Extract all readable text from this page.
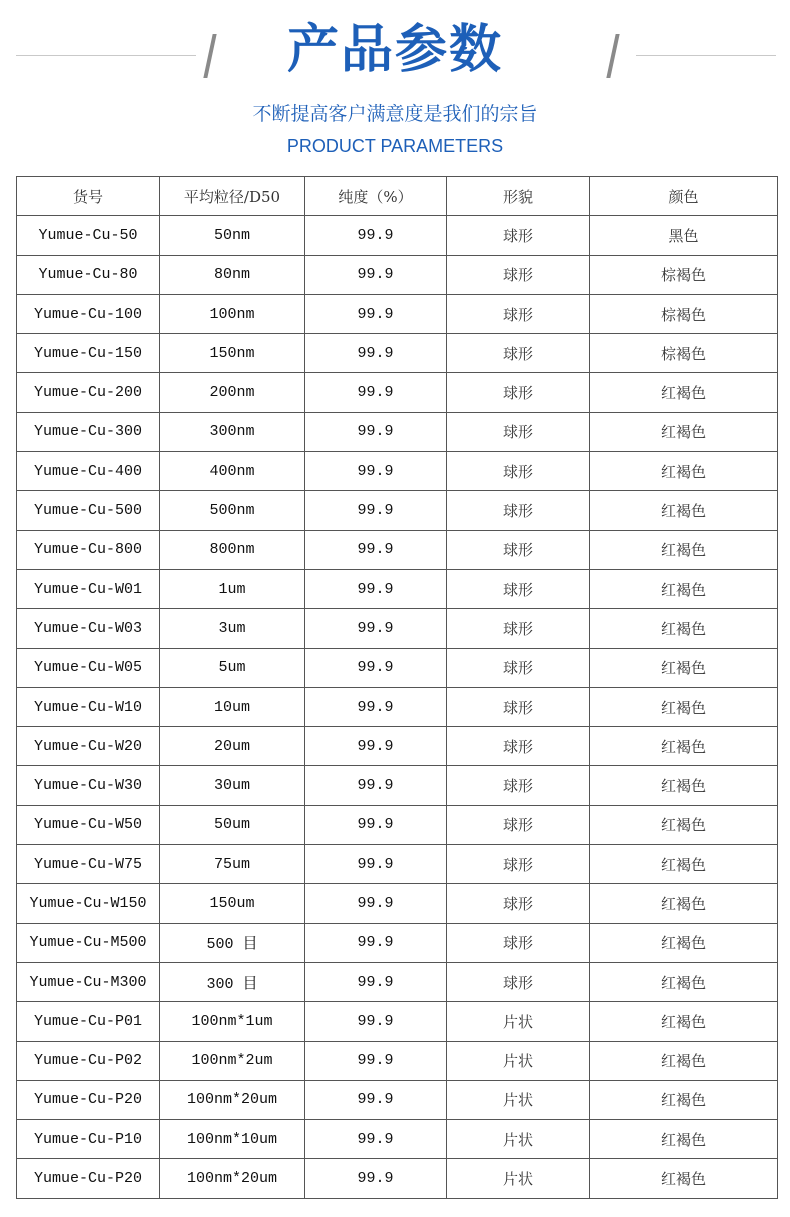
产品参数
不断提高客户满意度是我们的宗旨
PRODUCT PARAMETERS
货号	平均粒径/D50	纯度（%）	形貌	颜色
Yumue-Cu-50	50nm	99.9	球形	黑色
Yumue-Cu-80	80nm	99.9	球形	棕褐色
Yumue-Cu-100	100nm	99.9	球形	棕褐色
Yumue-Cu-150	150nm	99.9	球形	棕褐色
Yumue-Cu-200	200nm	99.9	球形	红褐色
Yumue-Cu-300	300nm	99.9	球形	红褐色
Yumue-Cu-400	400nm	99.9	球形	红褐色
Yumue-Cu-500	500nm	99.9	球形	红褐色
Yumue-Cu-800	800nm	99.9	球形	红褐色
Yumue-Cu-W01	1um	99.9	球形	红褐色
Yumue-Cu-W03	3um	99.9	球形	红褐色
Yumue-Cu-W05	5um	99.9	球形	红褐色
Yumue-Cu-W10	10um	99.9	球形	红褐色
Yumue-Cu-W20	20um	99.9	球形	红褐色
Yumue-Cu-W30	30um	99.9	球形	红褐色
Yumue-Cu-W50	50um	99.9	球形	红褐色
Yumue-Cu-W75	75um	99.9	球形	红褐色
Yumue-Cu-W150	150um	99.9	球形	红褐色
Yumue-Cu-M500	500 目	99.9	球形	红褐色
Yumue-Cu-M300	300 目	99.9	球形	红褐色
Yumue-Cu-P01	100nm*1um	99.9	片状	红褐色
Yumue-Cu-P02	100nm*2um	99.9	片状	红褐色
Yumue-Cu-P20	100nm*20um	99.9	片状	红褐色
Yumue-Cu-P10	100nm*10um	99.9	片状	红褐色
Yumue-Cu-P20	100nm*20um	99.9	片状	红褐色
